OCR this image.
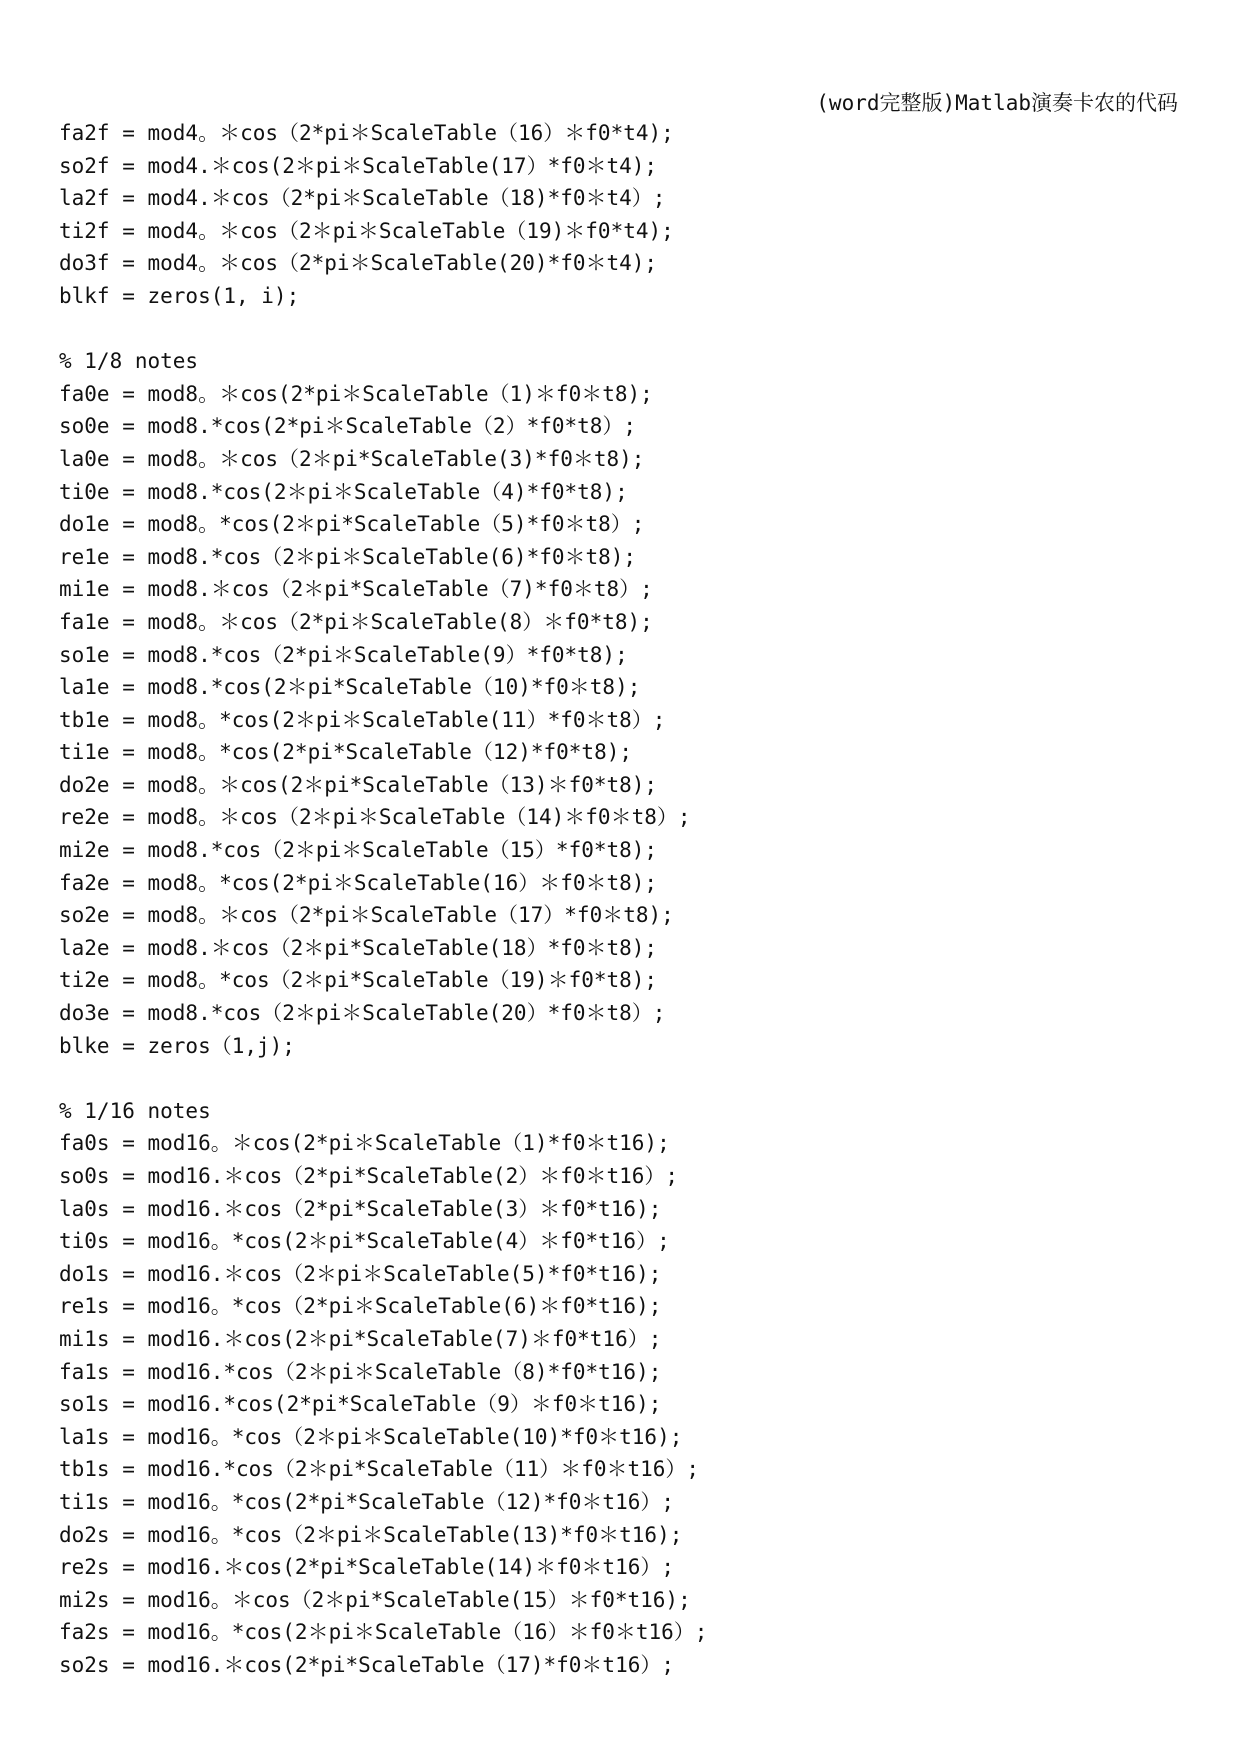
(word完整版)Matlab演奏卡农的代码
fa2f = mod4。＊cos（2*pi＊ScaleTable（16）＊f0*t4);
so2f = mod4.＊cos(2＊pi＊ScaleTable(17）*f0＊t4);
la2f = mod4.＊cos（2*pi＊ScaleTable（18)*f0＊t4）;
ti2f = mod4。＊cos（2＊pi＊ScaleTable（19)＊f0*t4);
do3f = mod4。＊cos（2*pi＊ScaleTable(20)*f0＊t4);
blkf = zeros(1, i);
% 1/8 notes
fa0e = mod8。＊cos(2*pi＊ScaleTable（1)＊f0＊t8);
so0e = mod8.*cos(2*pi＊ScaleTable（2）*f0*t8）;
la0e = mod8。＊cos（2＊pi*ScaleTable(3)*f0＊t8);
ti0e = mod8.*cos(2＊pi＊ScaleTable（4)*f0*t8);
do1e = mod8。*cos(2＊pi*ScaleTable（5)*f0＊t8）;
re1e = mod8.*cos（2＊pi＊ScaleTable(6)*f0＊t8);
mi1e = mod8.＊cos（2＊pi*ScaleTable（7)*f0＊t8）;
fa1e = mod8。＊cos（2*pi＊ScaleTable(8）＊f0*t8);
so1e = mod8.*cos（2*pi＊ScaleTable(9）*f0*t8);
la1e = mod8.*cos(2＊pi*ScaleTable（10)*f0＊t8);
tb1e = mod8。*cos(2＊pi＊ScaleTable(11）*f0＊t8）;
ti1e = mod8。*cos(2*pi*ScaleTable（12)*f0*t8);
do2e = mod8。＊cos(2＊pi*ScaleTable（13)＊f0*t8);
re2e = mod8。＊cos（2＊pi＊ScaleTable（14)＊f0＊t8）;
mi2e = mod8.*cos（2＊pi＊ScaleTable（15）*f0*t8);
fa2e = mod8。*cos(2*pi＊ScaleTable(16）＊f0＊t8);
so2e = mod8。＊cos（2*pi＊ScaleTable（17）*f0＊t8);
la2e = mod8.＊cos（2＊pi*ScaleTable(18）*f0＊t8);
ti2e = mod8。*cos（2＊pi*ScaleTable（19)＊f0*t8);
do3e = mod8.*cos（2＊pi＊ScaleTable(20）*f0＊t8）;
blke = zeros（1,j);
% 1/16 notes
fa0s = mod16。＊cos(2*pi＊ScaleTable（1)*f0＊t16);
so0s = mod16.＊cos（2*pi*ScaleTable(2）＊f0＊t16）;
la0s = mod16.＊cos（2*pi*ScaleTable(3）＊f0*t16);
ti0s = mod16。*cos(2＊pi*ScaleTable(4）＊f0*t16）;
do1s = mod16.＊cos（2＊pi＊ScaleTable(5)*f0*t16);
re1s = mod16。*cos（2*pi＊ScaleTable(6)＊f0*t16);
mi1s = mod16.＊cos(2＊pi*ScaleTable(7)＊f0*t16）;
fa1s = mod16.*cos（2＊pi＊ScaleTable（8)*f0*t16);
so1s = mod16.*cos(2*pi*ScaleTable（9）＊f0＊t16);
la1s = mod16。*cos（2＊pi＊ScaleTable(10)*f0＊t16);
tb1s = mod16.*cos（2＊pi*ScaleTable（11）＊f0＊t16）;
ti1s = mod16。*cos(2*pi*ScaleTable（12)*f0＊t16）;
do2s = mod16。*cos（2＊pi＊ScaleTable(13)*f0＊t16);
re2s = mod16.＊cos(2*pi*ScaleTable(14)＊f0＊t16）;
mi2s = mod16。＊cos（2＊pi*ScaleTable(15）＊f0*t16);
fa2s = mod16。*cos(2＊pi＊ScaleTable（16）＊f0＊t16）;
so2s = mod16.＊cos(2*pi*ScaleTable（17)*f0＊t16）;
